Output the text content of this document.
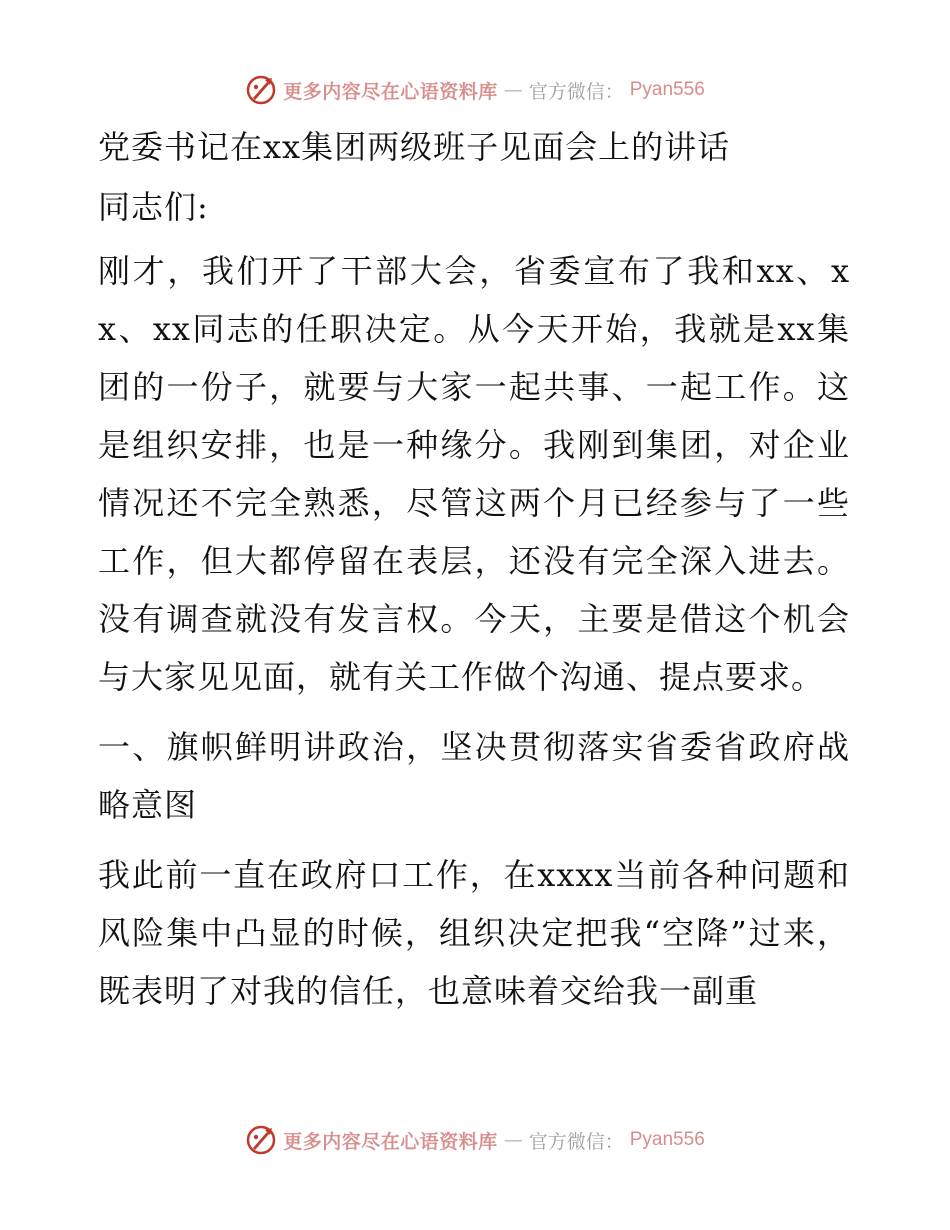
更多内容尽在心语资料库 — 官方微信： Pyan556

党委书记在xx集团两级班子见面会上的讲话

同志们:

刚才，我们开了干部大会，省委宣布了我和xx、xx、xx同志的任职决定。从今天开始，我就是xx集团的一份子，就要与大家一起共事、一起工作。这是组织安排，也是一种缘分。我刚到集团，对企业情况还不完全熟悉，尽管这两个月已经参与了一些工作，但大都停留在表层，还没有完全深入进去。没有调查就没有发言权。今天，主要是借这个机会与大家见见面，就有关工作做个沟通、提点要求。

一、旗帜鲜明讲政治，坚决贯彻落实省委省政府战略意图

我此前一直在政府口工作，在xxxx当前各种问题和风险集中凸显的时候，组织决定把我“空降”过来，既表明了对我的信任，也意味着交给我一副重

更多内容尽在心语资料库 — 官方微信： Pyan556
